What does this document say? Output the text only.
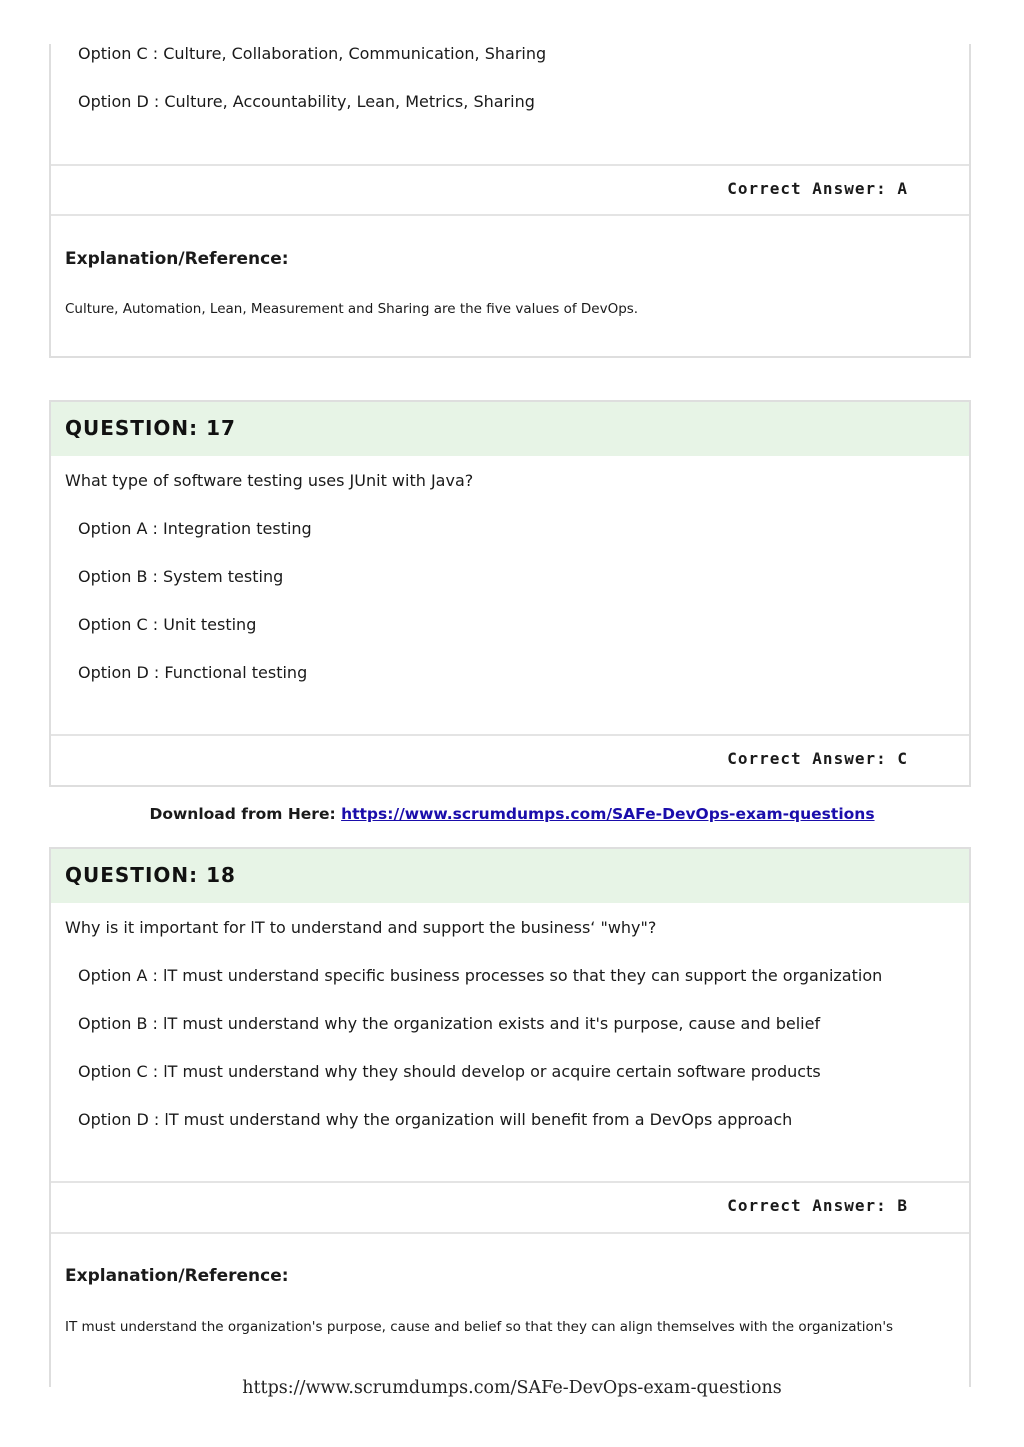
Option C : Culture, Collaboration, Communication, Sharing
Option D : Culture, Accountability, Lean, Metrics, Sharing
Correct Answer: A
Explanation/Reference:
Culture, Automation, Lean, Measurement and Sharing are the five values of DevOps.
QUESTION: 17
What type of software testing uses JUnit with Java?
Option A : Integration testing
Option B : System testing
Option C : Unit testing
Option D : Functional testing
Correct Answer: C
Download from Here: https://www.scrumdumps.com/SAFe-DevOps-exam-questions
QUESTION: 18
Why is it important for lT to understand and support the business‘ "why"?
Option A : lT must understand specific business processes so that they can support the organization
Option B : lT must understand why the organization exists and it's purpose, cause and belief
Option C : lT must understand why they should develop or acquire certain software products
Option D : lT must understand why the organization will benefit from a DevOps approach
Correct Answer: B
Explanation/Reference:
IT must understand the organization's purpose, cause and belief so that they can align themselves with the organization's
https://www.scrumdumps.com/SAFe-DevOps-exam-questions
